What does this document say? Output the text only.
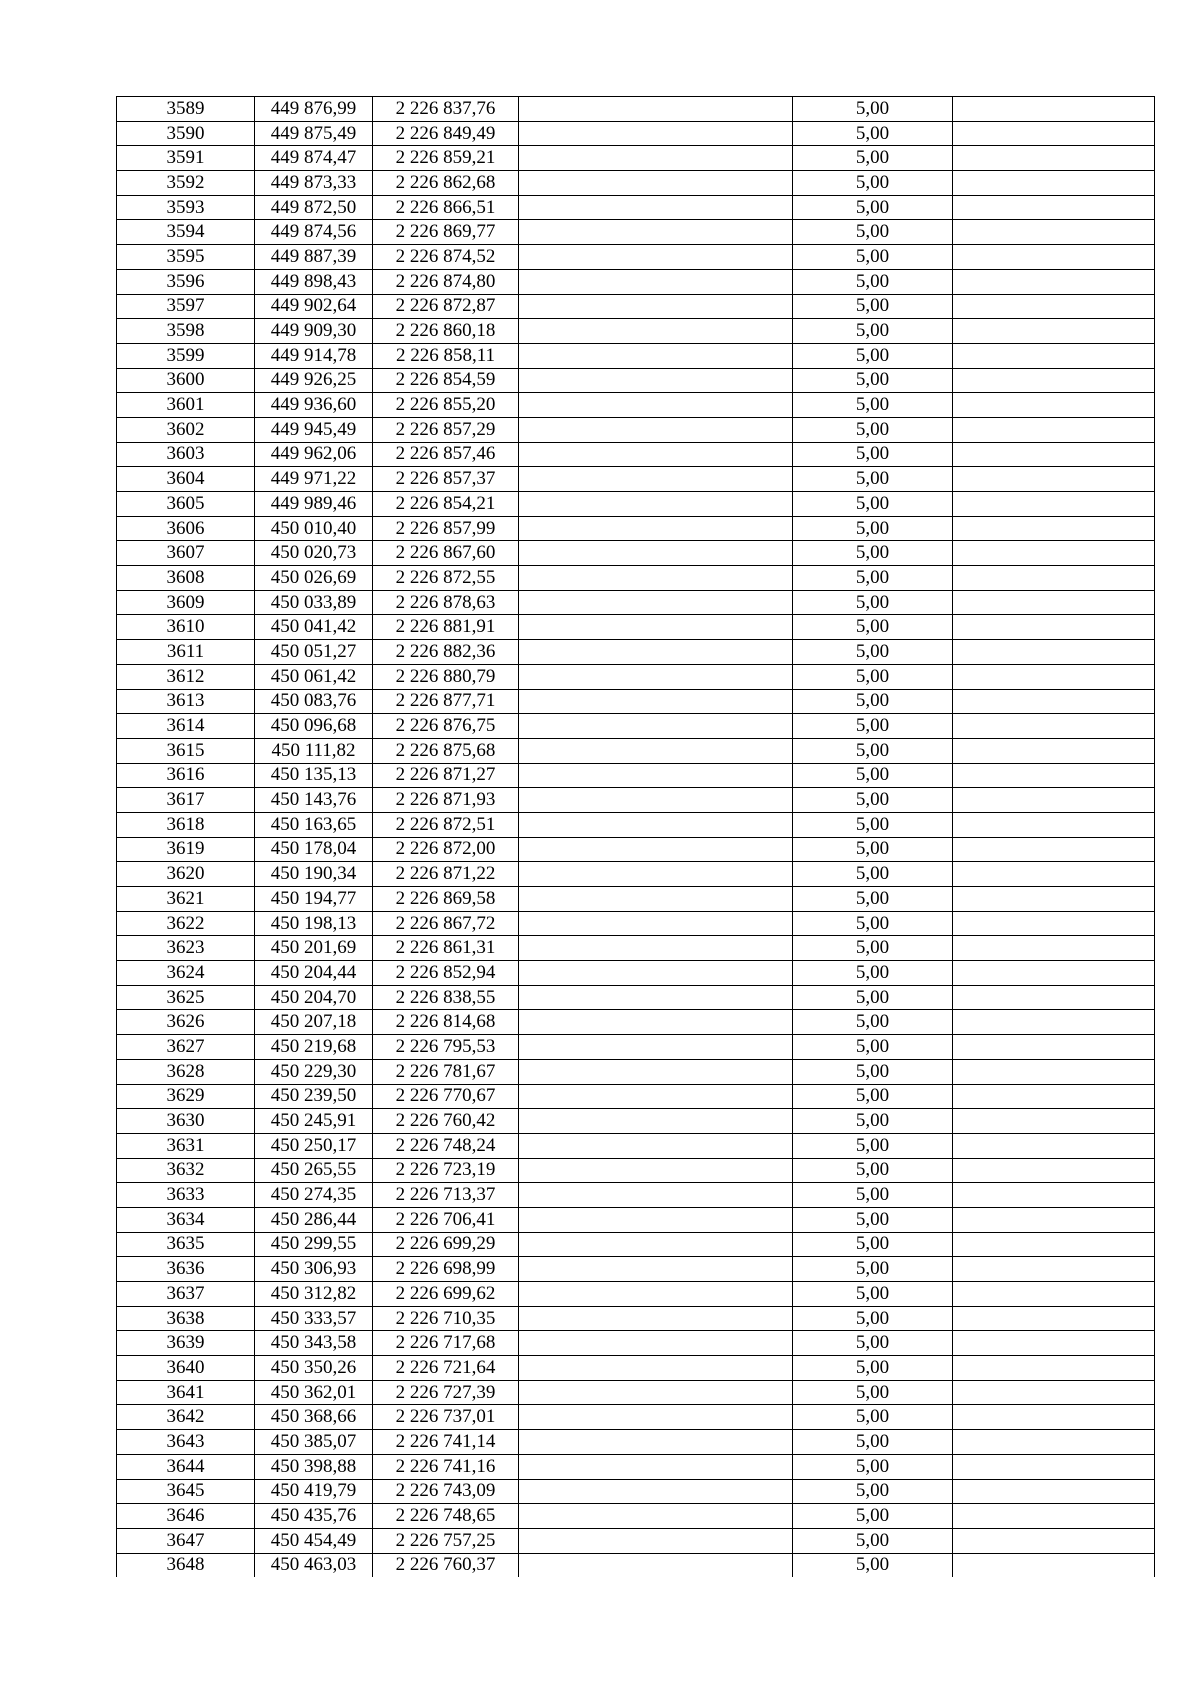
3589	449 876,99	2 226 837,76		5,00	
3590	449 875,49	2 226 849,49		5,00	
3591	449 874,47	2 226 859,21		5,00	
3592	449 873,33	2 226 862,68		5,00	
3593	449 872,50	2 226 866,51		5,00	
3594	449 874,56	2 226 869,77		5,00	
3595	449 887,39	2 226 874,52		5,00	
3596	449 898,43	2 226 874,80		5,00	
3597	449 902,64	2 226 872,87		5,00	
3598	449 909,30	2 226 860,18		5,00	
3599	449 914,78	2 226 858,11		5,00	
3600	449 926,25	2 226 854,59		5,00	
3601	449 936,60	2 226 855,20		5,00	
3602	449 945,49	2 226 857,29		5,00	
3603	449 962,06	2 226 857,46		5,00	
3604	449 971,22	2 226 857,37		5,00	
3605	449 989,46	2 226 854,21		5,00	
3606	450 010,40	2 226 857,99		5,00	
3607	450 020,73	2 226 867,60		5,00	
3608	450 026,69	2 226 872,55		5,00	
3609	450 033,89	2 226 878,63		5,00	
3610	450 041,42	2 226 881,91		5,00	
3611	450 051,27	2 226 882,36		5,00	
3612	450 061,42	2 226 880,79		5,00	
3613	450 083,76	2 226 877,71		5,00	
3614	450 096,68	2 226 876,75		5,00	
3615	450 111,82	2 226 875,68		5,00	
3616	450 135,13	2 226 871,27		5,00	
3617	450 143,76	2 226 871,93		5,00	
3618	450 163,65	2 226 872,51		5,00	
3619	450 178,04	2 226 872,00		5,00	
3620	450 190,34	2 226 871,22		5,00	
3621	450 194,77	2 226 869,58		5,00	
3622	450 198,13	2 226 867,72		5,00	
3623	450 201,69	2 226 861,31		5,00	
3624	450 204,44	2 226 852,94		5,00	
3625	450 204,70	2 226 838,55		5,00	
3626	450 207,18	2 226 814,68		5,00	
3627	450 219,68	2 226 795,53		5,00	
3628	450 229,30	2 226 781,67		5,00	
3629	450 239,50	2 226 770,67		5,00	
3630	450 245,91	2 226 760,42		5,00	
3631	450 250,17	2 226 748,24		5,00	
3632	450 265,55	2 226 723,19		5,00	
3633	450 274,35	2 226 713,37		5,00	
3634	450 286,44	2 226 706,41		5,00	
3635	450 299,55	2 226 699,29		5,00	
3636	450 306,93	2 226 698,99		5,00	
3637	450 312,82	2 226 699,62		5,00	
3638	450 333,57	2 226 710,35		5,00	
3639	450 343,58	2 226 717,68		5,00	
3640	450 350,26	2 226 721,64		5,00	
3641	450 362,01	2 226 727,39		5,00	
3642	450 368,66	2 226 737,01		5,00	
3643	450 385,07	2 226 741,14		5,00	
3644	450 398,88	2 226 741,16		5,00	
3645	450 419,79	2 226 743,09		5,00	
3646	450 435,76	2 226 748,65		5,00	
3647	450 454,49	2 226 757,25		5,00	
3648	450 463,03	2 226 760,37		5,00	
